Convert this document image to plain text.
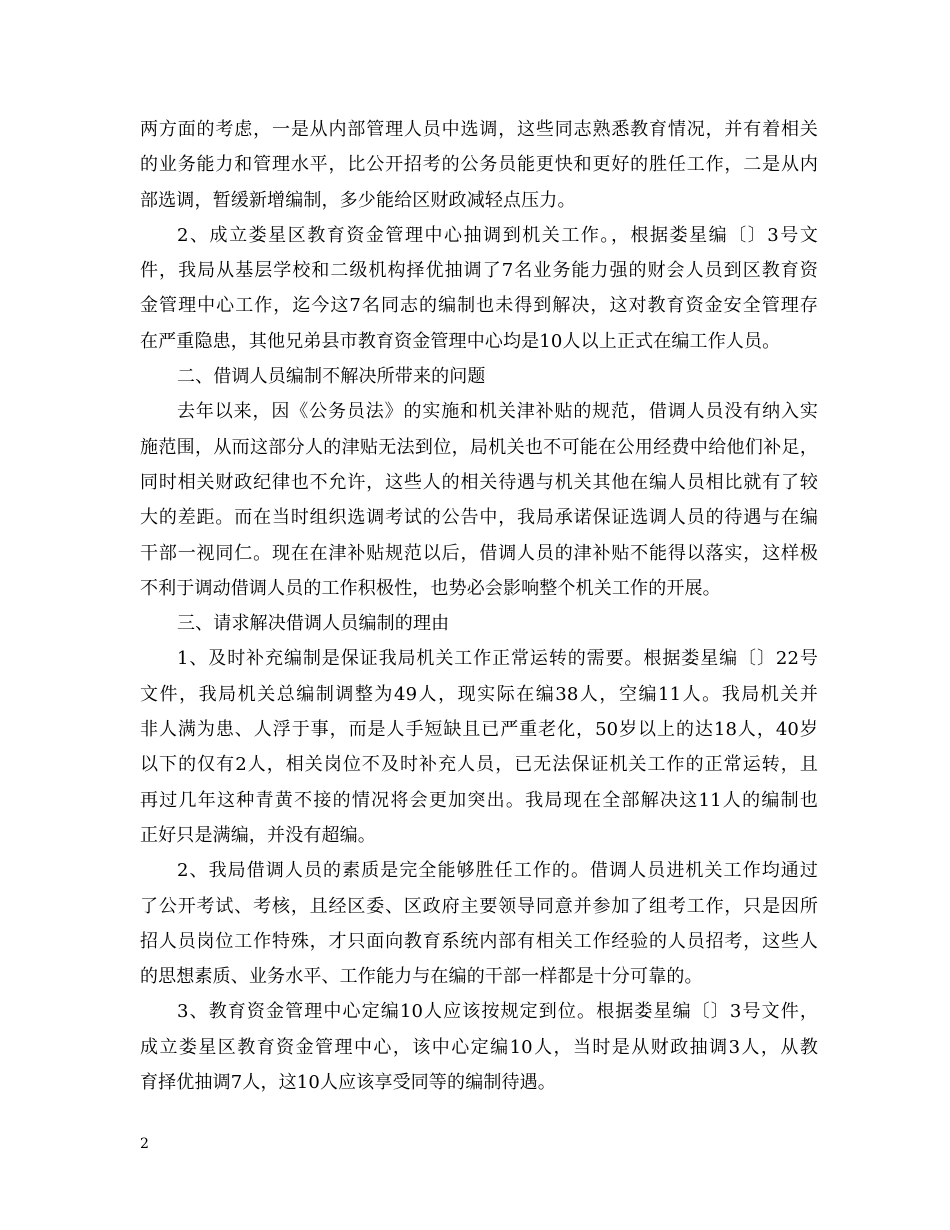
两方面的考虑，一是从内部管理人员中选调，这些同志熟悉教育情况，并有着相关
的业务能力和管理水平，比公开招考的公务员能更快和更好的胜任工作，二是从内
部选调，暂缓新增编制，多少能给区财政减轻点压力。
2、成立娄星区教育资金管理中心抽调到机关工作。，根据娄星编〔〕3号文
件，我局从基层学校和二级机构择优抽调了7名业务能力强的财会人员到区教育资
金管理中心工作，迄今这7名同志的编制也未得到解决，这对教育资金安全管理存
在严重隐患，其他兄弟县市教育资金管理中心均是10人以上正式在编工作人员。
二、借调人员编制不解决所带来的问题
去年以来，因《公务员法》的实施和机关津补贴的规范，借调人员没有纳入实
施范围，从而这部分人的津贴无法到位，局机关也不可能在公用经费中给他们补足，
同时相关财政纪律也不允许，这些人的相关待遇与机关其他在编人员相比就有了较
大的差距。而在当时组织选调考试的公告中，我局承诺保证选调人员的待遇与在编
干部一视同仁。现在在津补贴规范以后，借调人员的津补贴不能得以落实，这样极
不利于调动借调人员的工作积极性，也势必会影响整个机关工作的开展。
三、请求解决借调人员编制的理由
1、及时补充编制是保证我局机关工作正常运转的需要。根据娄星编〔〕22号
文件，我局机关总编制调整为49人，现实际在编38人，空编11人。我局机关并
非人满为患、人浮于事，而是人手短缺且已严重老化，50岁以上的达18人，40岁
以下的仅有2人，相关岗位不及时补充人员，已无法保证机关工作的正常运转，且
再过几年这种青黄不接的情况将会更加突出。我局现在全部解决这11人的编制也
正好只是满编，并没有超编。
2、我局借调人员的素质是完全能够胜任工作的。借调人员进机关工作均通过
了公开考试、考核，且经区委、区政府主要领导同意并参加了组考工作，只是因所
招人员岗位工作特殊，才只面向教育系统内部有相关工作经验的人员招考，这些人
的思想素质、业务水平、工作能力与在编的干部一样都是十分可靠的。
3、教育资金管理中心定编10人应该按规定到位。根据娄星编〔〕3号文件，
成立娄星区教育资金管理中心，该中心定编10人，当时是从财政抽调3人，从教
育择优抽调7人，这10人应该享受同等的编制待遇。
2
